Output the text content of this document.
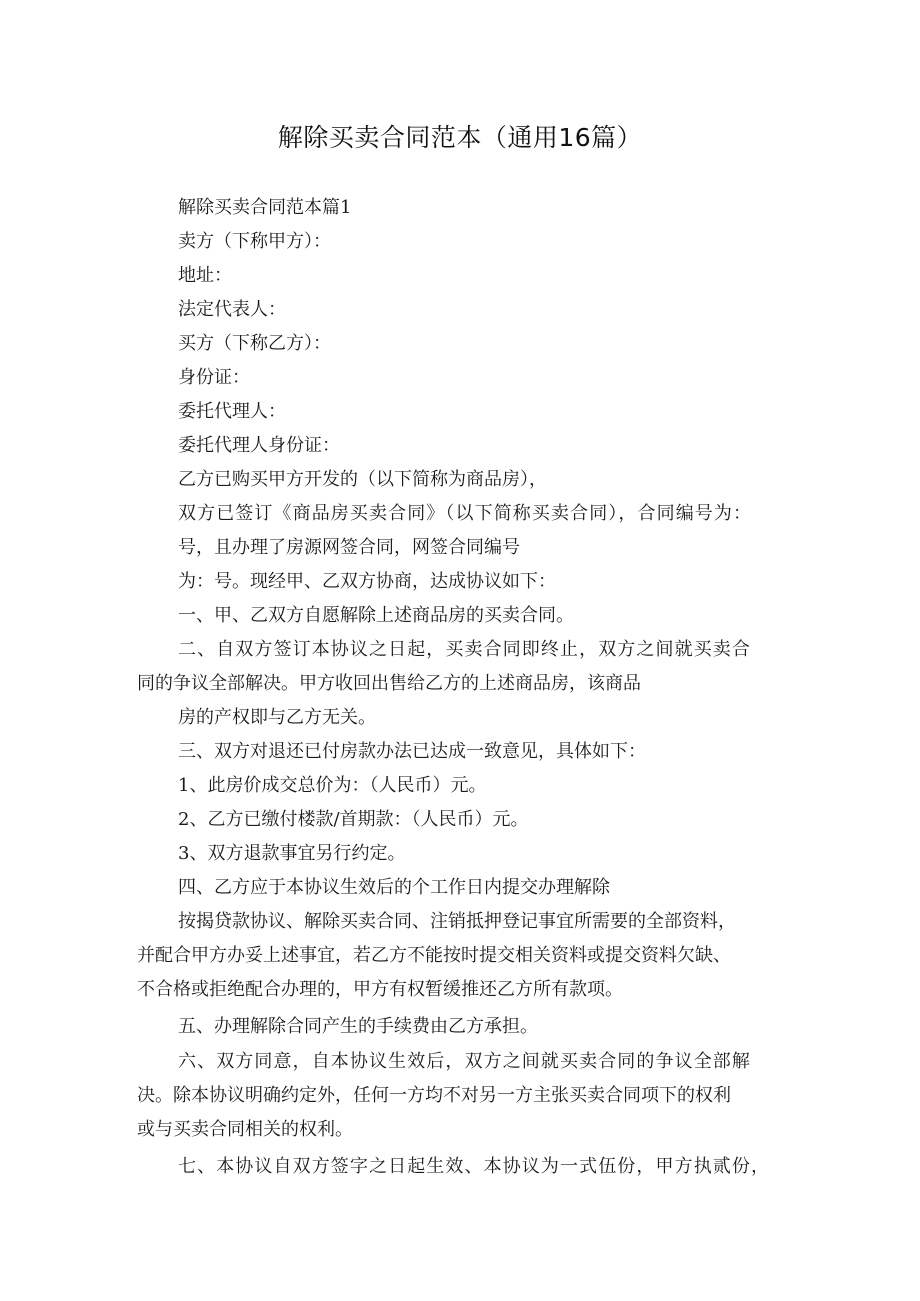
解除买卖合同范本（通用16篇）

解除买卖合同范本篇1

卖方（下称甲方）：

地址：

法定代表人：

买方（下称乙方）：

身份证：

委托代理人：

委托代理人身份证：

乙方已购买甲方开发的（以下简称为商品房），

双方已签订《商品房买卖合同》（以下简称买卖合同），合同编号为：

号，且办理了房源网签合同，网签合同编号

为：号。现经甲、乙双方协商，达成协议如下：

一、甲、乙双方自愿解除上述商品房的买卖合同。

二、自双方签订本协议之日起，买卖合同即终止，双方之间就买卖合

同的争议全部解决。甲方收回出售给乙方的上述商品房，该商品

房的产权即与乙方无关。

三、双方对退还已付房款办法已达成一致意见，具体如下：

1、此房价成交总价为：（人民币）元。

2、乙方已缴付楼款/首期款：（人民币）元。

3、双方退款事宜另行约定。

四、乙方应于本协议生效后的个工作日内提交办理解除

按揭贷款协议、解除买卖合同、注销抵押登记事宜所需要的全部资料，

并配合甲方办妥上述事宜，若乙方不能按时提交相关资料或提交资料欠缺、

不合格或拒绝配合办理的，甲方有权暂缓推还乙方所有款项。

五、办理解除合同产生的手续费由乙方承担。

六、双方同意，自本协议生效后，双方之间就买卖合同的争议全部解

决。除本协议明确约定外，任何一方均不对另一方主张买卖合同项下的权利

或与买卖合同相关的权利。

七、本协议自双方签字之日起生效、本协议为一式伍份，甲方执贰份，
